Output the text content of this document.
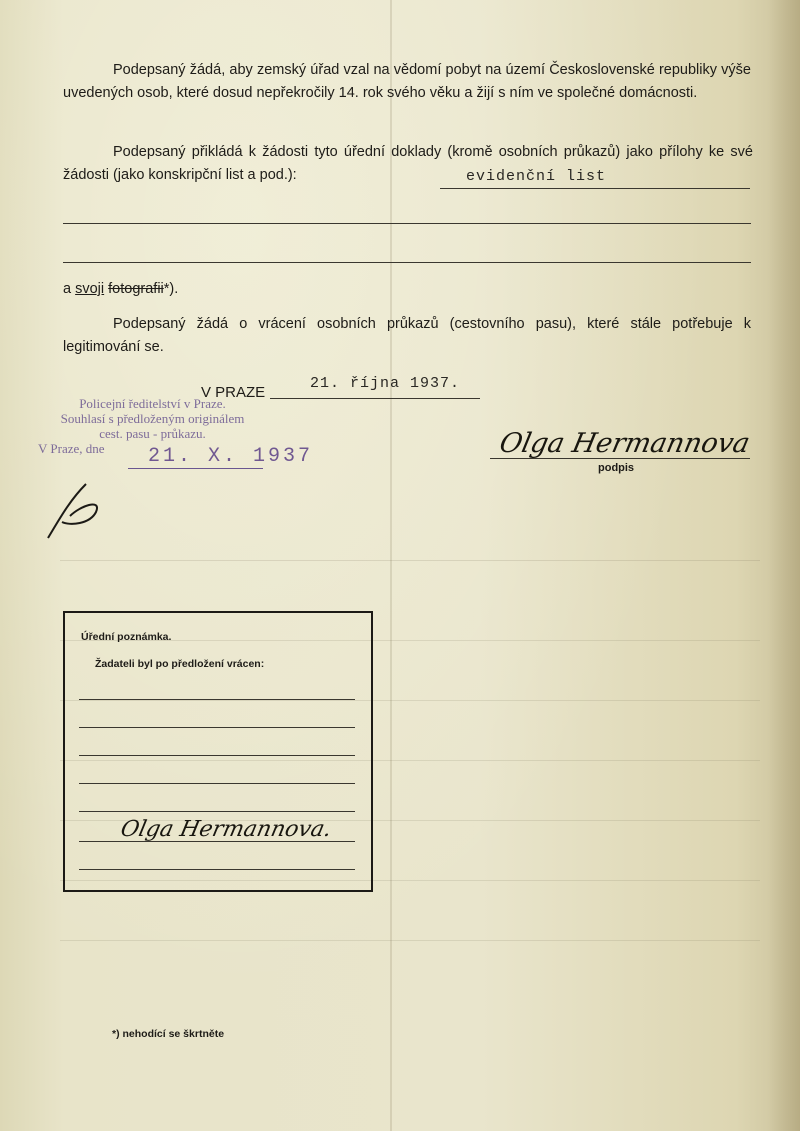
Podepsaný žádá, aby zemský úřad vzal na vědomí pobyt na území Československé republiky výše uvedených osob, které dosud nepřekročily 14. rok svého věku a žijí s ním ve společné domácnosti.
Podepsaný přikládá k žádosti tyto úřední doklady (kromě osobních průkazů) jako přílohy ke své žádosti (jako konskripční list a pod.):	evidenční list
a svoji fotografii*).
Podepsaný žádá o vrácení osobních průkazů (cestovního pasu), které stále potřebuje k legitimování se.
V PRAZE
21. října 1937.
Policejní ředitelství v Praze.
Souhlasí s předloženým originálem
cest. pasu - průkazu.
V Praze, dne	21. X. 1937	Olga Hermannova
podpis
Úřední poznámka.
Žadateli byl po předložení vrácen:
Olga Hermannova.
*) nehodící se škrtněte
